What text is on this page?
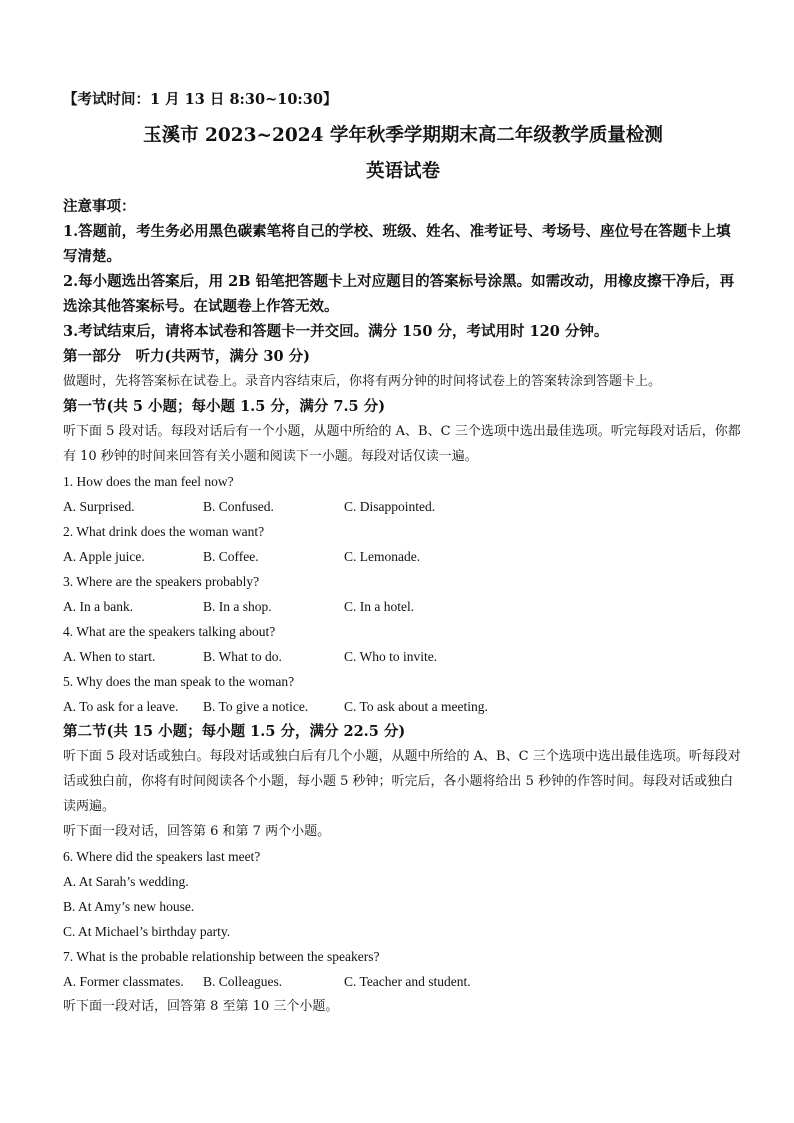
【考试时间：1 月 13 日 8:30~10:30】
玉溪市 2023~2024 学年秋季学期期末高二年级教学质量检测
英语试卷
注意事项：
1.答题前，考生务必用黑色碳素笔将自己的学校、班级、姓名、准考证号、考场号、座位号在答题卡上填写清楚。
2.每小题选出答案后，用 2B 铅笔把答题卡上对应题目的答案标号涂黑。如需改动，用橡皮擦干净后，再选涂其他答案标号。在试题卷上作答无效。
3.考试结束后，请将本试卷和答题卡一并交回。满分 150 分，考试用时 120 分钟。
第一部分　听力(共两节，满分 30 分)
做题时，先将答案标在试卷上。录音内容结束后，你将有两分钟的时间将试卷上的答案转涂到答题卡上。
第一节(共 5 小题；每小题 1.5 分，满分 7.5 分)
听下面 5 段对话。每段对话后有一个小题，从题中所给的 A、B、C 三个选项中选出最佳选项。听完每段对话后，你都有 10 秒钟的时间来回答有关小题和阅读下一小题。每段对话仅读一遍。
1. How does the man feel now?
A. Surprised.	B. Confused.	C. Disappointed.
2. What drink does the woman want?
A. Apple juice.	B. Coffee.	C. Lemonade.
3. Where are the speakers probably?
A. In a bank.	B. In a shop.	C. In a hotel.
4. What are the speakers talking about?
A. When to start.	B. What to do.	C. Who to invite.
5. Why does the man speak to the woman?
A. To ask for a leave.	B. To give a notice.	C. To ask about a meeting.
第二节(共 15 小题；每小题 1.5 分，满分 22.5 分)
听下面 5 段对话或独白。每段对话或独白后有几个小题，从题中所给的 A、B、C 三个选项中选出最佳选项。听每段对话或独白前，你将有时间阅读各个小题，每小题 5 秒钟；听完后，各小题将给出 5 秒钟的作答时间。每段对话或独白读两遍。
听下面一段对话，回答第 6 和第 7 两个小题。
6. Where did the speakers last meet?
A. At Sarah’s wedding.
B. At Amy’s new house.
C. At Michael’s birthday party.
7. What is the probable relationship between the speakers?
A. Former classmates.	B. Colleagues.	C. Teacher and student.
听下面一段对话，回答第 8 至第 10 三个小题。
